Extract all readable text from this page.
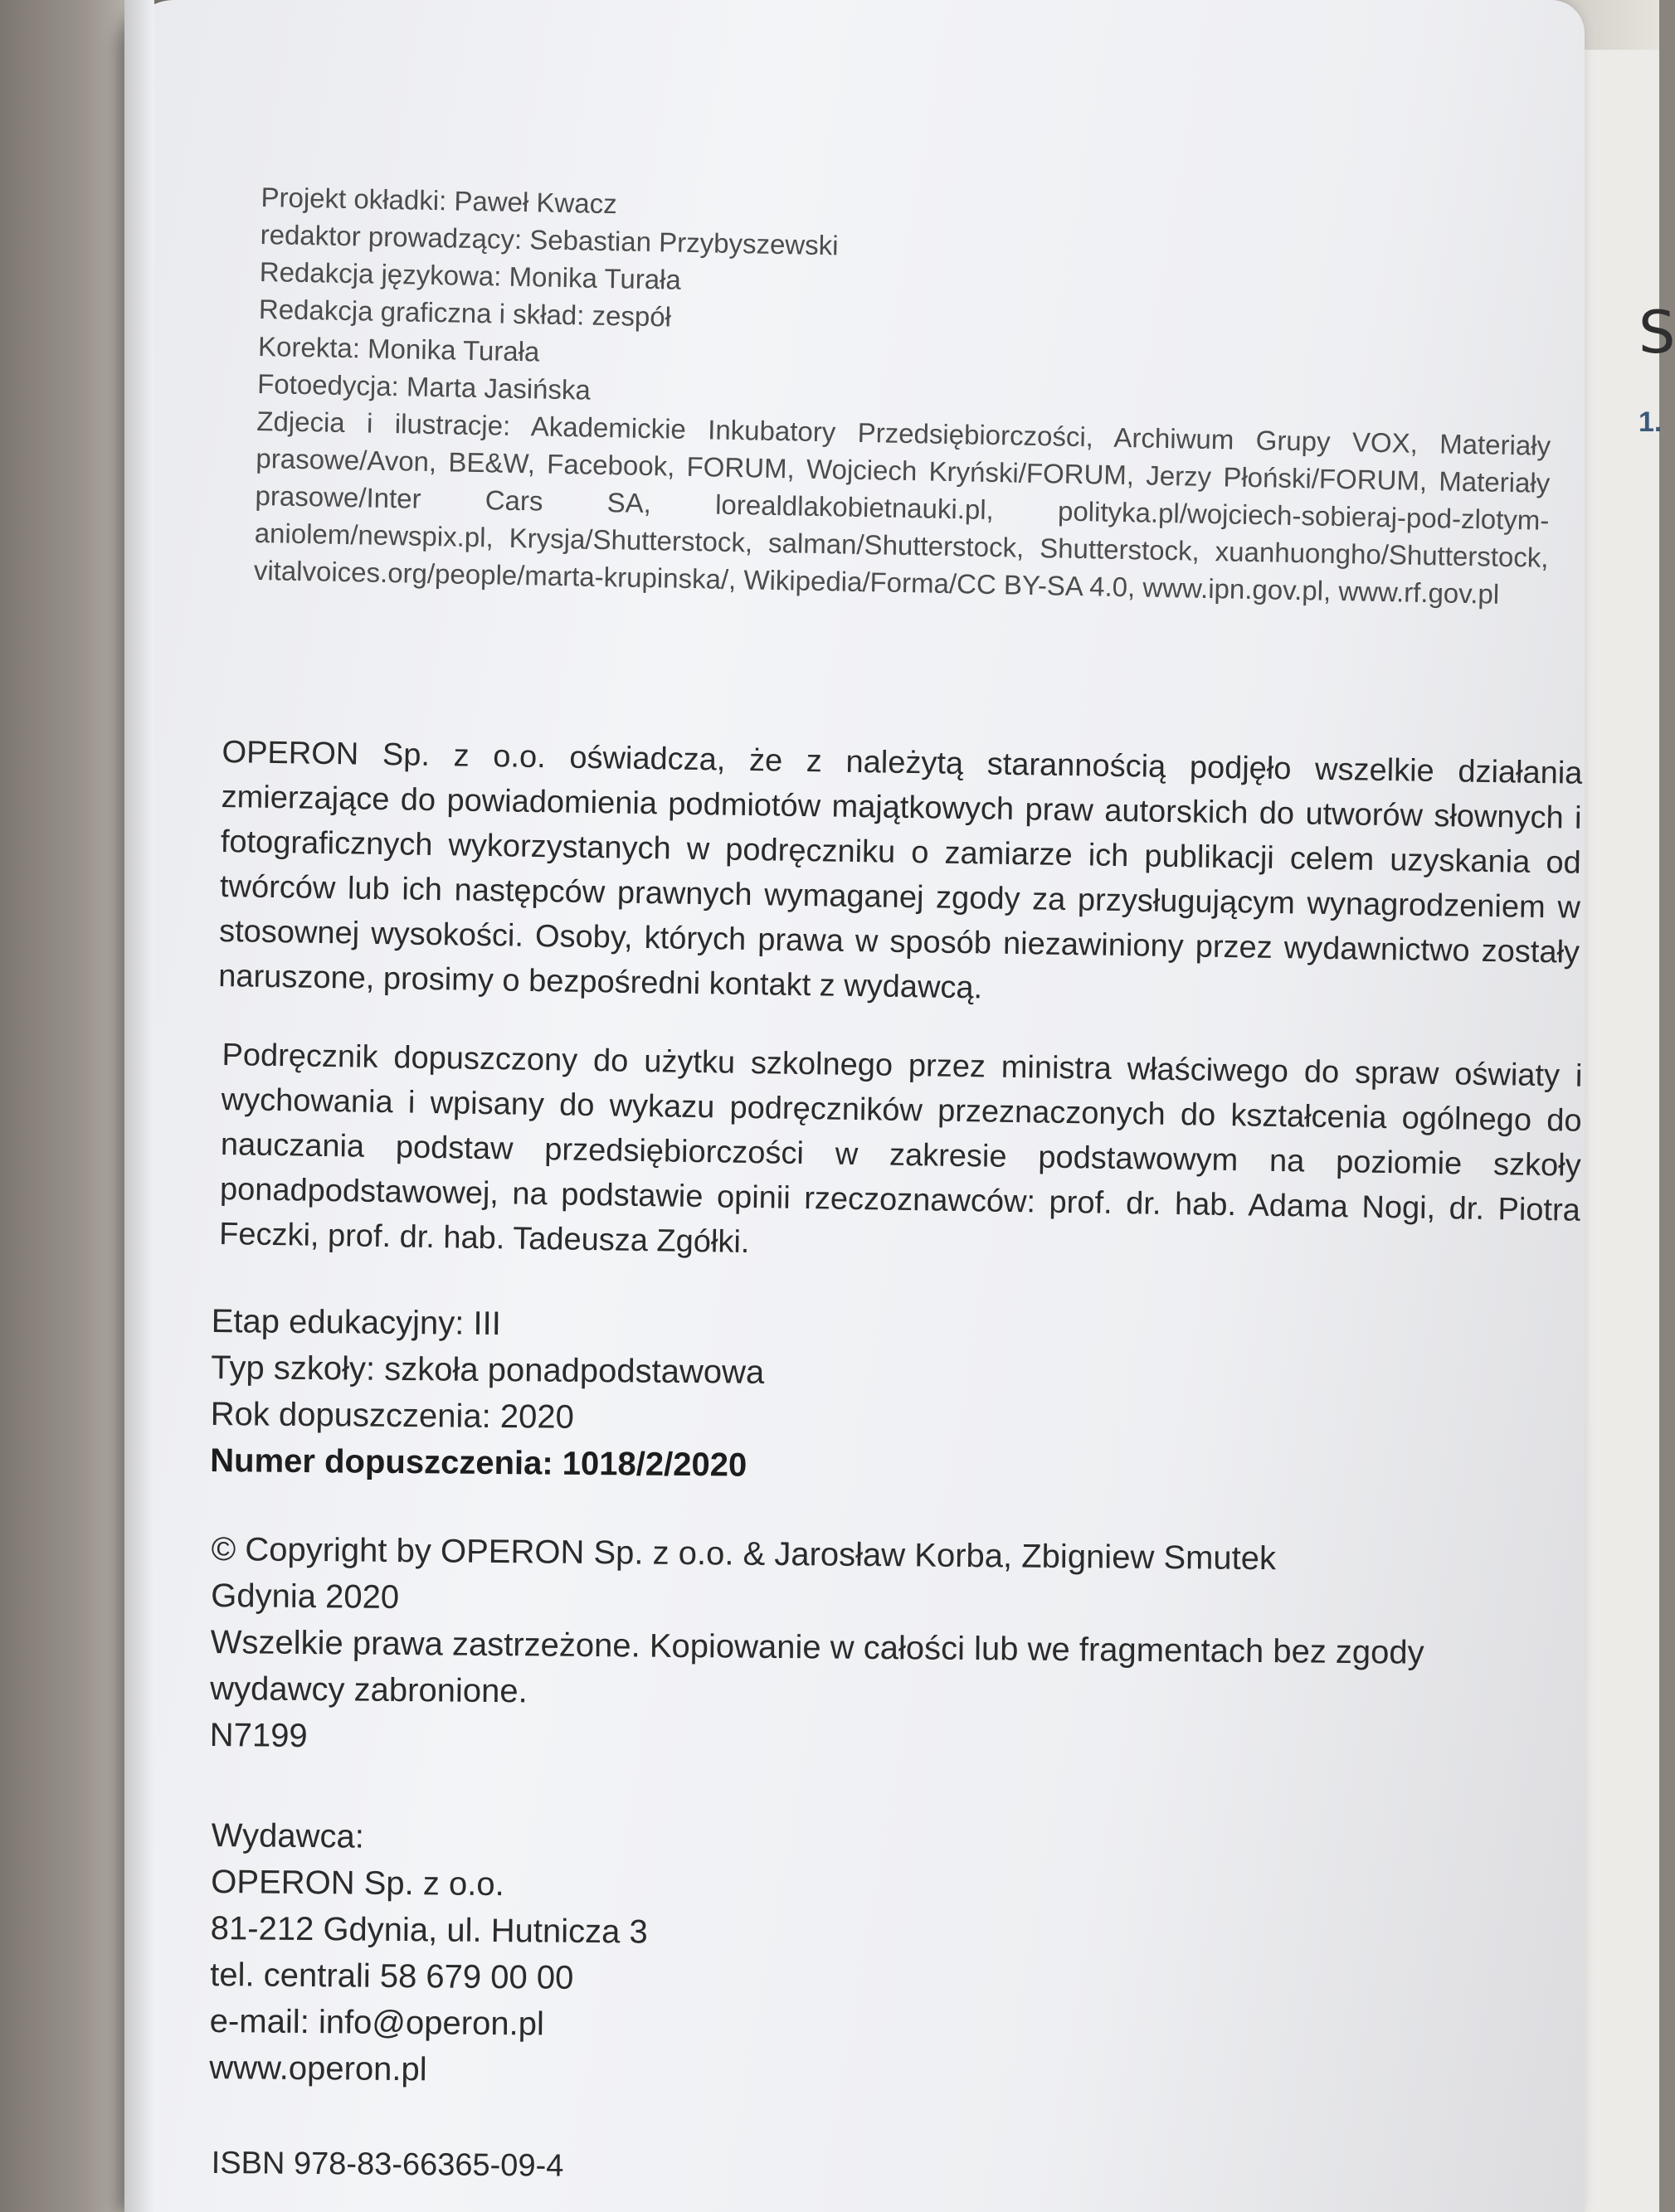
S
1.

Projekt okładki: Paweł Kwacz

redaktor prowadzący: Sebastian Przybyszewski

Redakcja językowa: Monika Turała

Redakcja graficzna i skład: zespół

Korekta: Monika Turała

Fotoedycja: Marta Jasińska

Zdjecia i ilustracje: Akademickie Inkubatory Przedsiębiorczości, Archiwum Grupy VOX, Materiały prasowe/Avon, BE&W, Facebook, FORUM, Wojciech Kryński/FORUM, Jerzy Płoński/FORUM, Materiały prasowe/Inter Cars SA, lorealdlakobietnauki.pl, polityka.pl/wojciech-sobieraj-pod-zlotym-aniolem/newspix.pl, Krysja/Shutterstock, salman/Shutterstock, Shutterstock, xuanhuongho/Shutterstock, vitalvoices.org/people/marta-krupinska/, Wikipedia/Forma/CC BY-SA 4.0, www.ipn.gov.pl, www.rf.gov.pl

OPERON Sp. z o.o. oświadcza, że z należytą starannością podjęło wszelkie działania zmierzające do powiadomienia podmiotów majątkowych praw autorskich do utworów słownych i fotograficznych wykorzystanych w podręczniku o zamiarze ich publikacji celem uzyskania od twórców lub ich następców prawnych wymaganej zgody za przysługującym wynagrodzeniem w stosownej wysokości. Osoby, których prawa w sposób niezawiniony przez wydawnictwo zostały naruszone, prosimy o bezpośredni kontakt z wydawcą.

Podręcznik dopuszczony do użytku szkolnego przez ministra właściwego do spraw oświaty i wychowania i wpisany do wykazu podręczników przeznaczonych do kształcenia ogólnego do nauczania podstaw przedsiębiorczości w zakresie podstawowym na poziomie szkoły ponadpodstawowej, na podstawie opinii rzeczoznawców: prof. dr. hab. Adama Nogi, dr. Piotra Feczki, prof. dr. hab. Tadeusza Zgółki.

Etap edukacyjny: III

Typ szkoły: szkoła ponadpodstawowa

Rok dopuszczenia: 2020

Numer dopuszczenia: 1018/2/2020

© Copyright by OPERON Sp. z o.o. & Jarosław Korba, Zbigniew Smutek

Gdynia 2020

Wszelkie prawa zastrzeżone. Kopiowanie w całości lub we fragmentach bez zgody wydawcy zabronione.

N7199

Wydawca:

OPERON Sp. z o.o.

81-212 Gdynia, ul. Hutnicza 3

tel. centrali 58 679 00 00

e-mail: info@operon.pl

www.operon.pl

ISBN 978-83-66365-09-4
